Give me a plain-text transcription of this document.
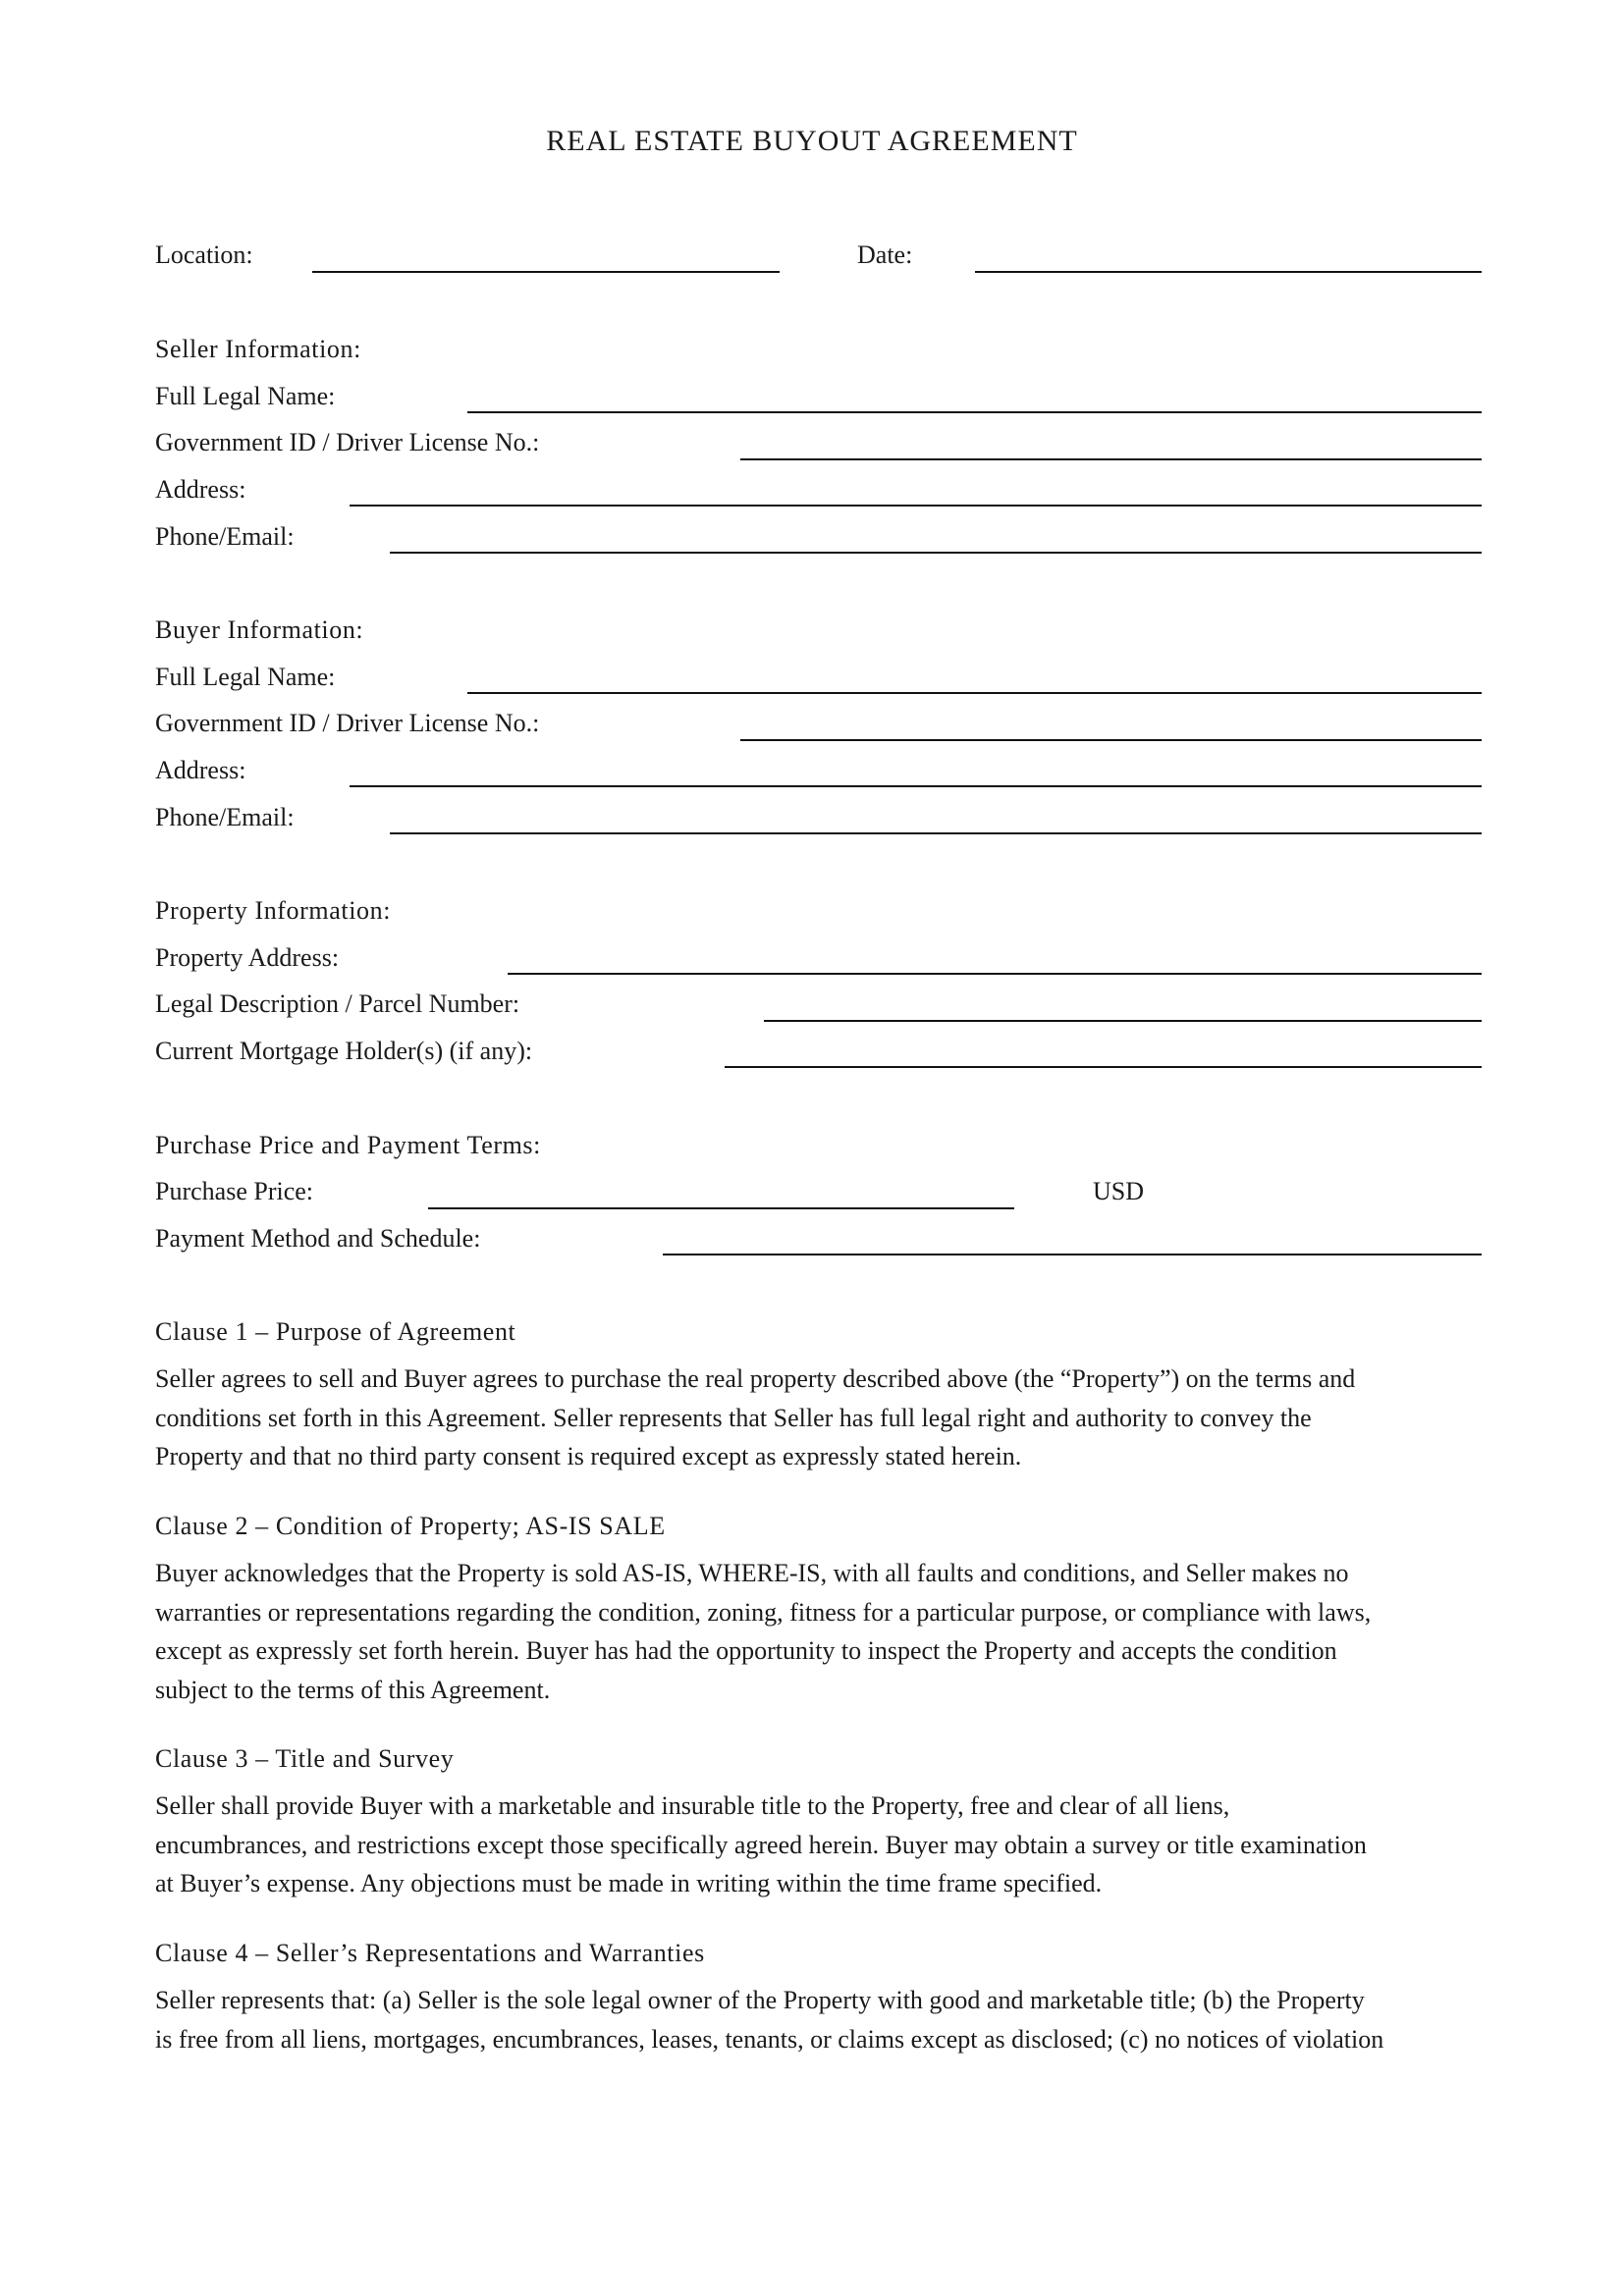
REAL ESTATE BUYOUT AGREEMENT
Location:	Date:
Seller Information:
Full Legal Name:
Government ID / Driver License No.:
Address:
Phone/Email:
Buyer Information:
Full Legal Name:
Government ID / Driver License No.:
Address:
Phone/Email:
Property Information:
Property Address:
Legal Description / Parcel Number:
Current Mortgage Holder(s) (if any):
Purchase Price and Payment Terms:
Purchase Price:	USD
Payment Method and Schedule:
Clause 1 – Purpose of Agreement
Seller agrees to sell and Buyer agrees to purchase the real property described above (the “Property”) on the terms and
conditions set forth in this Agreement. Seller represents that Seller has full legal right and authority to convey the
Property and that no third party consent is required except as expressly stated herein.
Clause 2 – Condition of Property; AS-IS SALE
Buyer acknowledges that the Property is sold AS-IS, WHERE-IS, with all faults and conditions, and Seller makes no
warranties or representations regarding the condition, zoning, fitness for a particular purpose, or compliance with laws,
except as expressly set forth herein. Buyer has had the opportunity to inspect the Property and accepts the condition
subject to the terms of this Agreement.
Clause 3 – Title and Survey
Seller shall provide Buyer with a marketable and insurable title to the Property, free and clear of all liens,
encumbrances, and restrictions except those specifically agreed herein. Buyer may obtain a survey or title examination
at Buyer’s expense. Any objections must be made in writing within the time frame specified.
Clause 4 – Seller’s Representations and Warranties
Seller represents that: (a) Seller is the sole legal owner of the Property with good and marketable title; (b) the Property
is free from all liens, mortgages, encumbrances, leases, tenants, or claims except as disclosed; (c) no notices of violation
